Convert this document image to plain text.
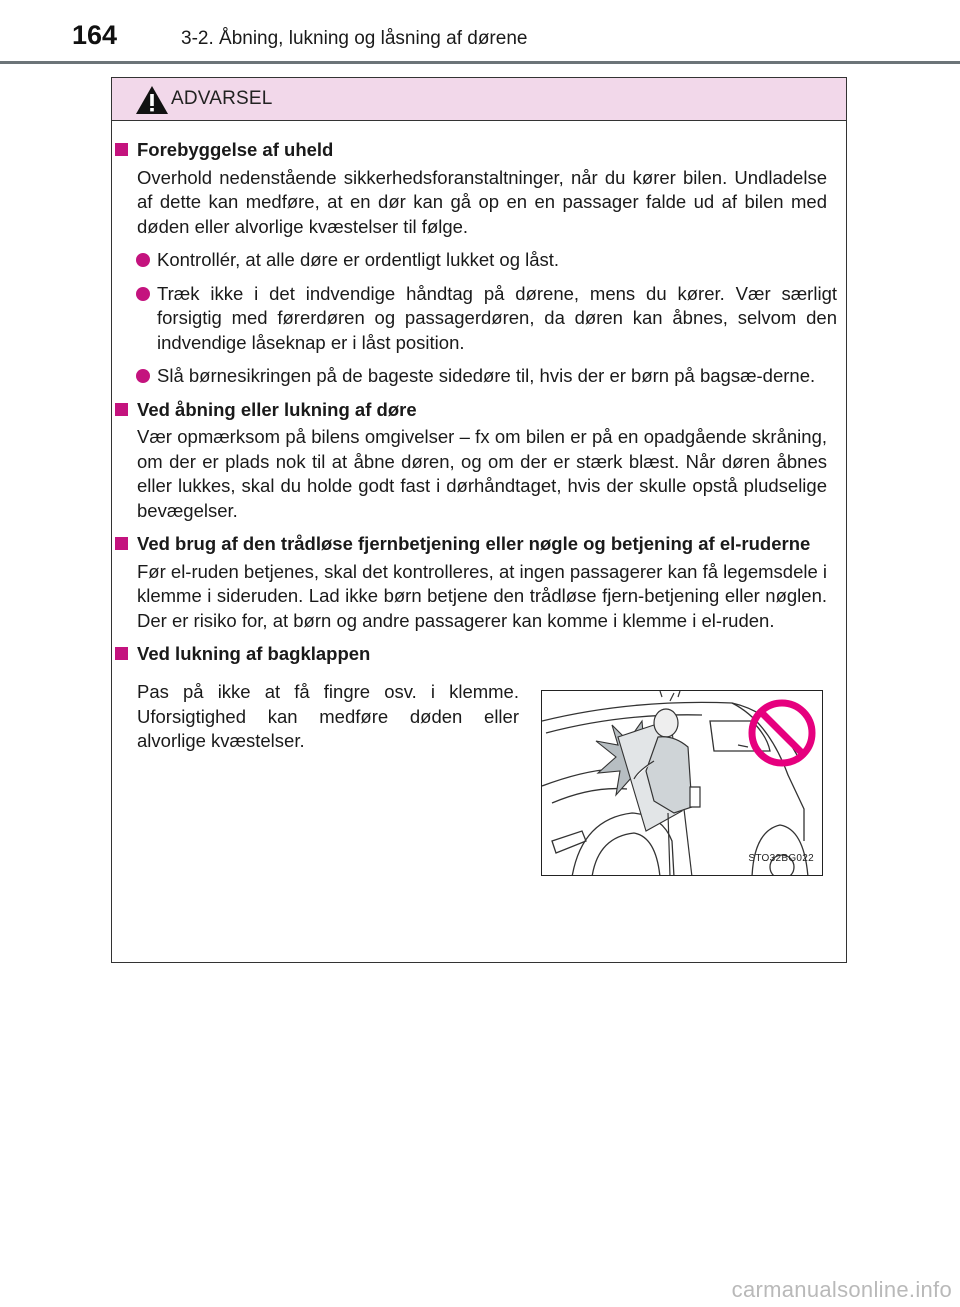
164	3-2. Åbning, lukning og låsning af dørene
ADVARSEL
Forebyggelse af uheld
Overhold nedenstående sikkerhedsforanstaltninger, når du kører bilen. Undladelse af dette kan medføre, at en dør kan gå op en en passager falde ud af bilen med døden eller alvorlige kvæstelser til følge.
Kontrollér, at alle døre er ordentligt lukket og låst.
Træk ikke i det indvendige håndtag på dørene, mens du kører. Vær særligt forsigtig med førerdøren og passagerdøren, da døren kan åbnes, selvom den indvendige låseknap er i låst position.
Slå børnesikringen på de bageste sidedøre til, hvis der er børn på bagsæ-derne.
Ved åbning eller lukning af døre
Vær opmærksom på bilens omgivelser – fx om bilen er på en opadgående skråning, om der er plads nok til at åbne døren, og om der er stærk blæst. Når døren åbnes eller lukkes, skal du holde godt fast i dørhåndtaget, hvis der skulle opstå pludselige bevægelser.
Ved brug af den trådløse fjernbetjening eller nøgle og betjening af el-ruderne
Før el-ruden betjenes, skal det kontrolleres, at ingen passagerer kan få legemsdele i klemme i sideruden. Lad ikke børn betjene den trådløse fjern-betjening eller nøglen. Der er risiko for, at børn og andre passagerer kan komme i klemme i el-ruden.
Ved lukning af bagklappen
Pas på ikke at få fingre osv. i klemme. Uforsigtighed kan medføre døden eller alvorlige kvæstelser.
STO32BG022
carmanualsonline.info
